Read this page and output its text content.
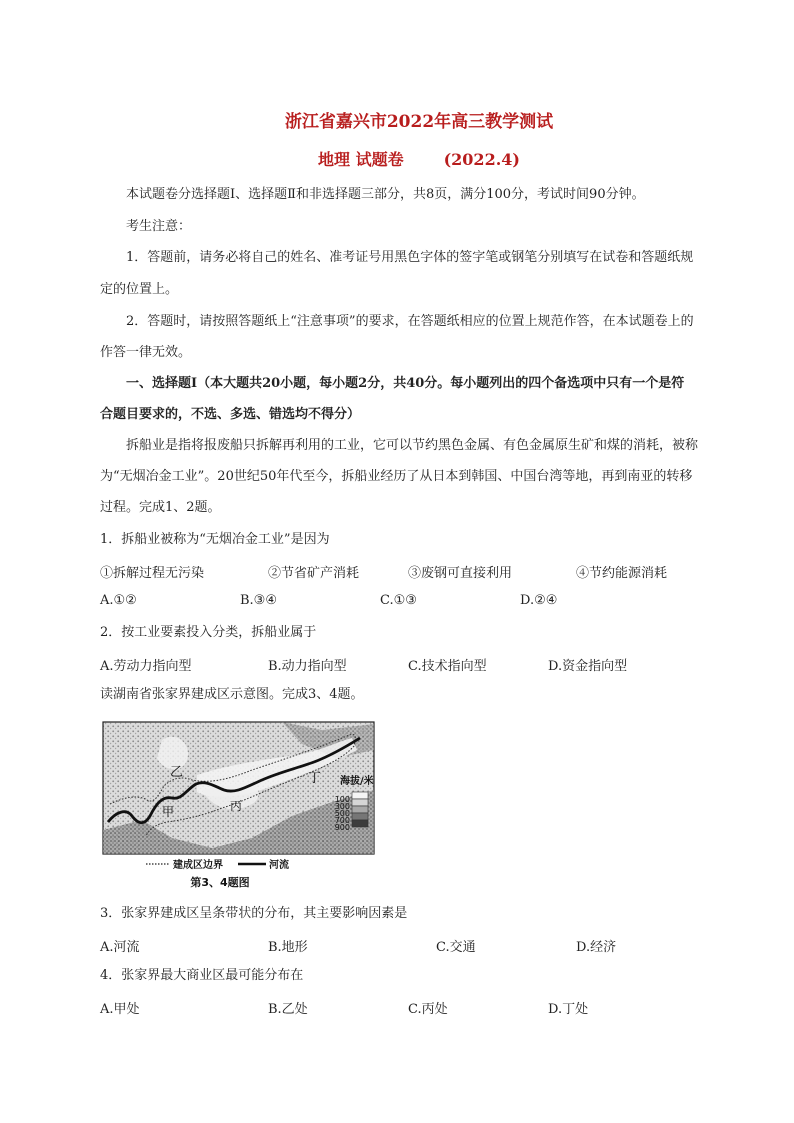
浙江省嘉兴市2022年高三教学测试
地理 试题卷	(2022.4)
本试题卷分选择题Ⅰ、选择题Ⅱ和非选择题三部分，共8页，满分100分，考试时间90分钟。
考生注意：
1．答题前，请务必将自己的姓名、准考证号用黑色字体的签字笔或钢笔分别填写在试卷和答题纸规
定的位置上。
2．答题时，请按照答题纸上“注意事项”的要求，在答题纸相应的位置上规范作答，在本试题卷上的
作答一律无效。
一、选择题Ⅰ（本大题共20小题，每小题2分，共40分。每小题列出的四个备选项中只有一个是符
合题目要求的，不选、多选、错选均不得分）
拆船业是指将报废船只拆解再利用的工业，它可以节约黑色金属、有色金属原生矿和煤的消耗，被称
为“无烟冶金工业”。20世纪50年代至今，拆船业经历了从日本到韩国、中国台湾等地，再到南亚的转移
过程。完成1、2题。
1．拆船业被称为“无烟冶金工业”是因为
①拆解过程无污染	②节省矿产消耗	③废钢可直接利用	④节约能源消耗
A.①②	B.③④	C.①③	D.②④
2．按工业要素投入分类，拆船业属于
A.劳动力指向型	B.动力指向型	C.技术指向型	D.资金指向型
读湖南省张家界建成区示意图。完成3、4题。
乙
丙
丁
甲
海拔/米
100
300
500
700
900
建成区边界	河流
第3、4题图
3．张家界建成区呈条带状的分布，其主要影响因素是
A.河流	B.地形	C.交通	D.经济
4．张家界最大商业区最可能分布在
A.甲处	B.乙处	C.丙处	D.丁处
